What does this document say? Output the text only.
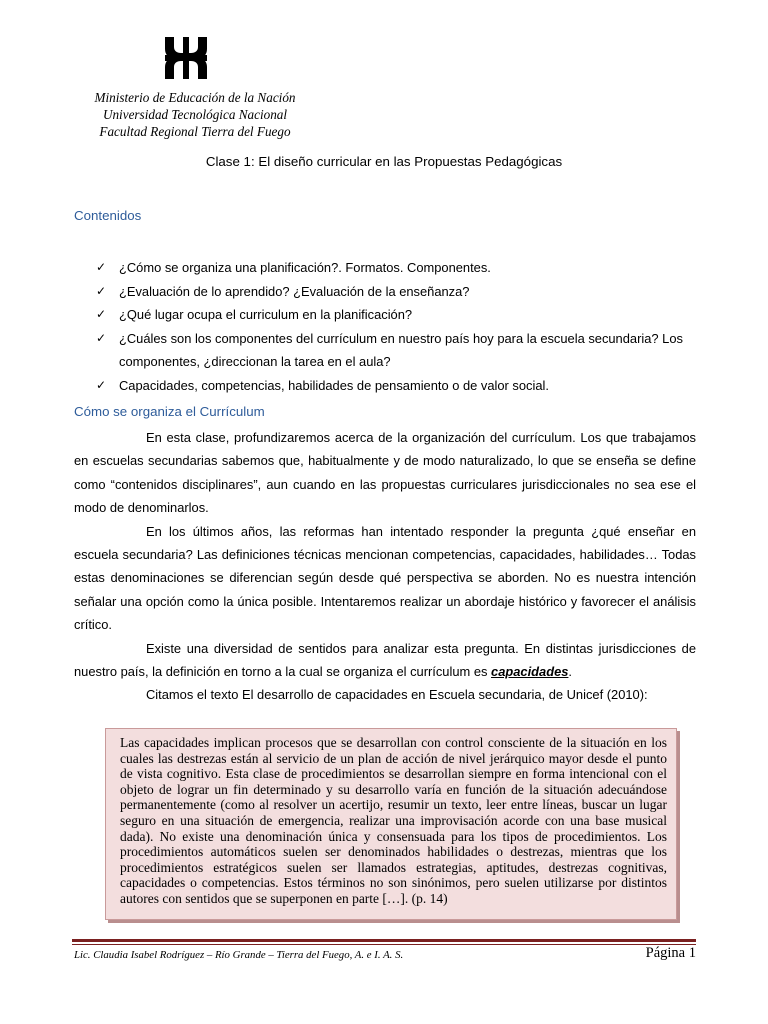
Ministerio de Educación de la Nación
Universidad Tecnológica Nacional
Facultad Regional Tierra del Fuego
Clase 1: El diseño curricular en las Propuestas Pedagógicas
Contenidos
✓ ¿Cómo se organiza una planificación?. Formatos. Componentes.
✓ ¿Evaluación de lo aprendido? ¿Evaluación de la enseñanza?
✓ ¿Qué lugar ocupa el curriculum en la planificación?
✓ ¿Cuáles son los componentes del currículum en nuestro país hoy para la escuela secundaria? Los componentes, ¿direccionan la tarea en el aula?
✓ Capacidades, competencias, habilidades de pensamiento o de valor social.
Cómo se organiza el Currículum

En esta clase, profundizaremos acerca de la organización del currículum. Los que trabajamos en escuelas secundarias sabemos que, habitualmente y de modo naturalizado, lo que se enseña se define como “contenidos disciplinares”, aun cuando en las propuestas curriculares jurisdiccionales no sea ese el modo de denominarlos.

En los últimos años, las reformas han intentado responder la pregunta ¿qué enseñar en escuela secundaria? Las definiciones técnicas mencionan competencias, capacidades, habilidades… Todas estas denominaciones se diferencian según desde qué perspectiva se aborden. No es nuestra intención señalar una opción como la única posible. Intentaremos realizar un abordaje histórico y favorecer el análisis crítico.

Existe una diversidad de sentidos para analizar esta pregunta. En distintas jurisdicciones de nuestro país, la definición en torno a la cual se organiza el currículum es capacidades.

Citamos el texto El desarrollo de capacidades en Escuela secundaria, de Unicef (2010):

Las capacidades implican procesos que se desarrollan con control consciente de la situación en los cuales las destrezas están al servicio de un plan de acción de nivel jerárquico mayor desde el punto de vista cognitivo. Esta clase de procedimientos se desarrollan siempre en forma intencional con el objeto de lograr un fin determinado y su desarrollo varía en función de la situación adecuándose permanentemente (como al resolver un acertijo, resumir un texto, leer entre líneas, buscar un lugar seguro en una situación de emergencia, realizar una improvisación acorde con una base musical dada). No existe una denominación única y consensuada para los tipos de procedimientos. Los procedimientos automáticos suelen ser denominados habilidades o destrezas, mientras que los procedimientos estratégicos suelen ser llamados estrategias, aptitudes, destrezas cognitivas, capacidades o competencias. Estos términos no son sinónimos, pero suelen utilizarse por distintos autores con sentidos que se superponen en parte […]. (p. 14)
Lic. Claudia Isabel Rodríguez – Río Grande – Tierra del Fuego, A. e I. A. S.	Página 1
